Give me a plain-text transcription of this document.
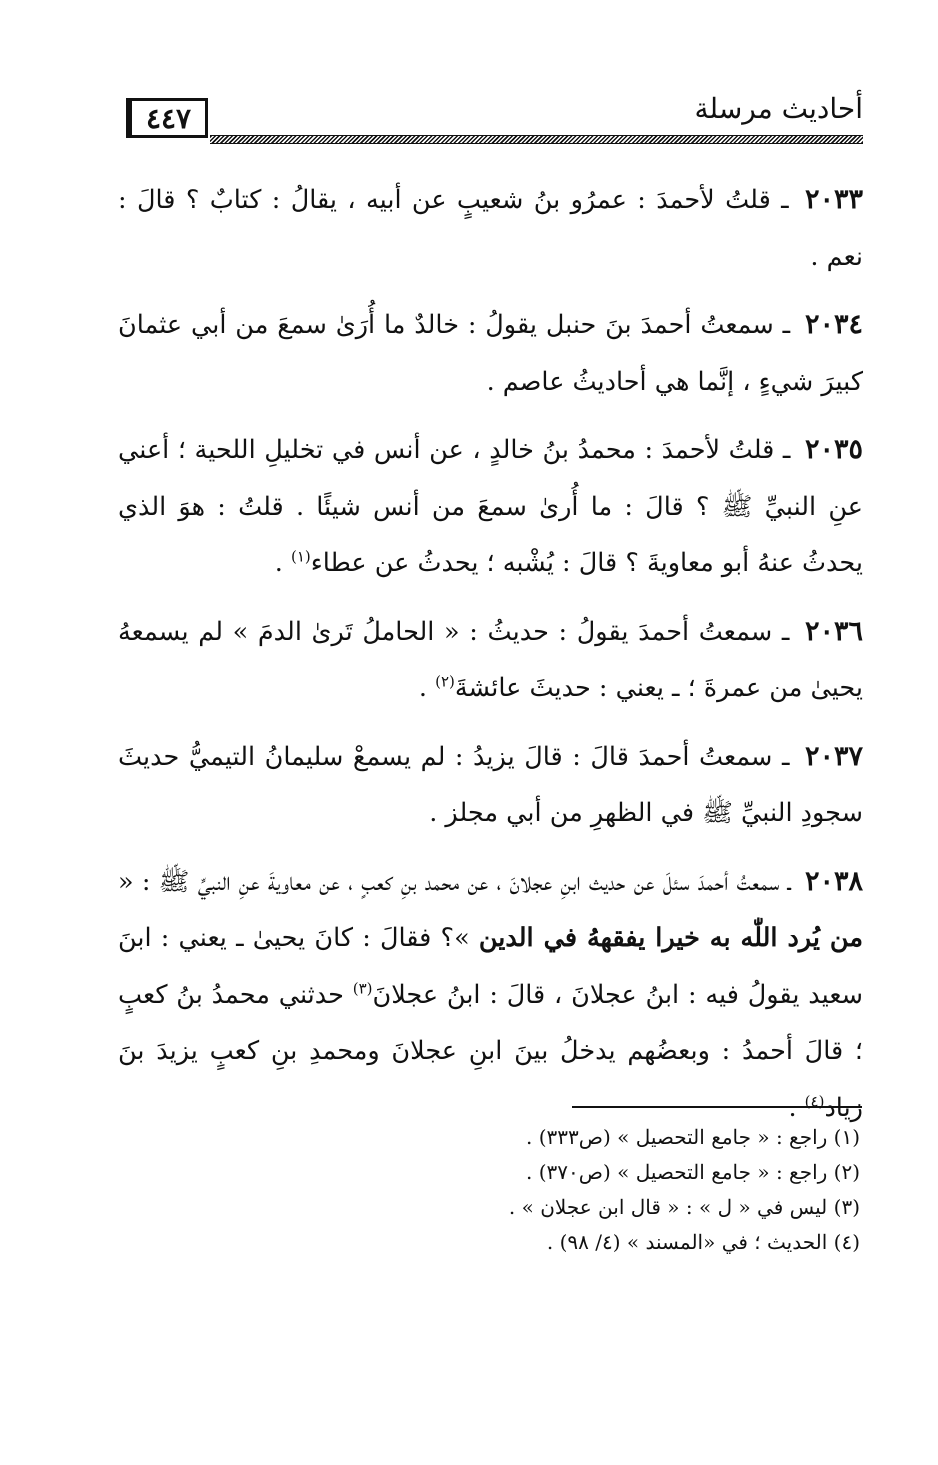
٤٤٧	أحاديث مرسلة

٢٠٣٣ ـ قلتُ لأحمدَ : عمرُو بنُ شعيبٍ عن أبيه ، يقالُ : كتابٌ ؟ قالَ : نعم .

٢٠٣٤ ـ سمعتُ أحمدَ بنَ حنبل يقولُ : خالدٌ ما أُرَىٰ سمعَ من أبي عثمانَ كبيرَ شيءٍ ، إنَّما هي أحاديثُ عاصم .

٢٠٣٥ ـ قلتُ لأحمدَ : محمدُ بنُ خالدٍ ، عن أنس في تخليلِ اللحية ؛ أعني عنِ النبيِّ ﷺ ؟ قالَ : ما أُرىٰ سمعَ من أنس شيئًا . قلتُ : هوَ الذي يحدثُ عنهُ أبو معاويةَ ؟ قالَ : يُشْبه ؛ يحدثُ عن عطاء$^{(١)}$ .

٢٠٣٦ ـ سمعتُ أحمدَ يقولُ : حديثُ : « الحاملُ تَرىٰ الدمَ » لم يسمعهُ يحيىٰ من عمرةَ ؛ ـ يعني : حديثَ عائشةَ$^{(٢)}$ .

٢٠٣٧ ـ سمعتُ أحمدَ قالَ : قالَ يزيدُ : لم يسمعْ سليمانُ التيميُّ حديثَ سجودِ النبيِّ ﷺ في الظهرِ من أبي مجلز .

٢٠٣٨ ـ سمعتُ أحمدَ سئلَ عن حديث ابنِ عجلانَ ، عن محمد بنِ كعبٍ ، عن معاويةَ عنِ النبيِّ ﷺ : « من يُرد اللّٰه به خيرا يفقههُ في الدين »؟ فقالَ : كانَ يحيىٰ ـ يعني : ابنَ سعيد يقولُ فيه : ابنُ عجلانَ ، قالَ : ابنُ عجلانَ$^{(٣)}$ حدثني محمدُ بنُ كعبٍ ؛ قالَ أحمدُ : وبعضُهم يدخلُ بينَ ابنِ عجلانَ ومحمدِ بنِ كعبٍ يزيدَ بنَ زياد$^{(٤)}$ .

(١) راجع : « جامع التحصيل » (ص٣٣٣) .

(٢) راجع : « جامع التحصيل » (ص٣٧٠) .

(٣) ليس في « ل » : « قال ابن عجلان » .

(٤) الحديث ؛ في «المسند » (٤/ ٩٨) .
